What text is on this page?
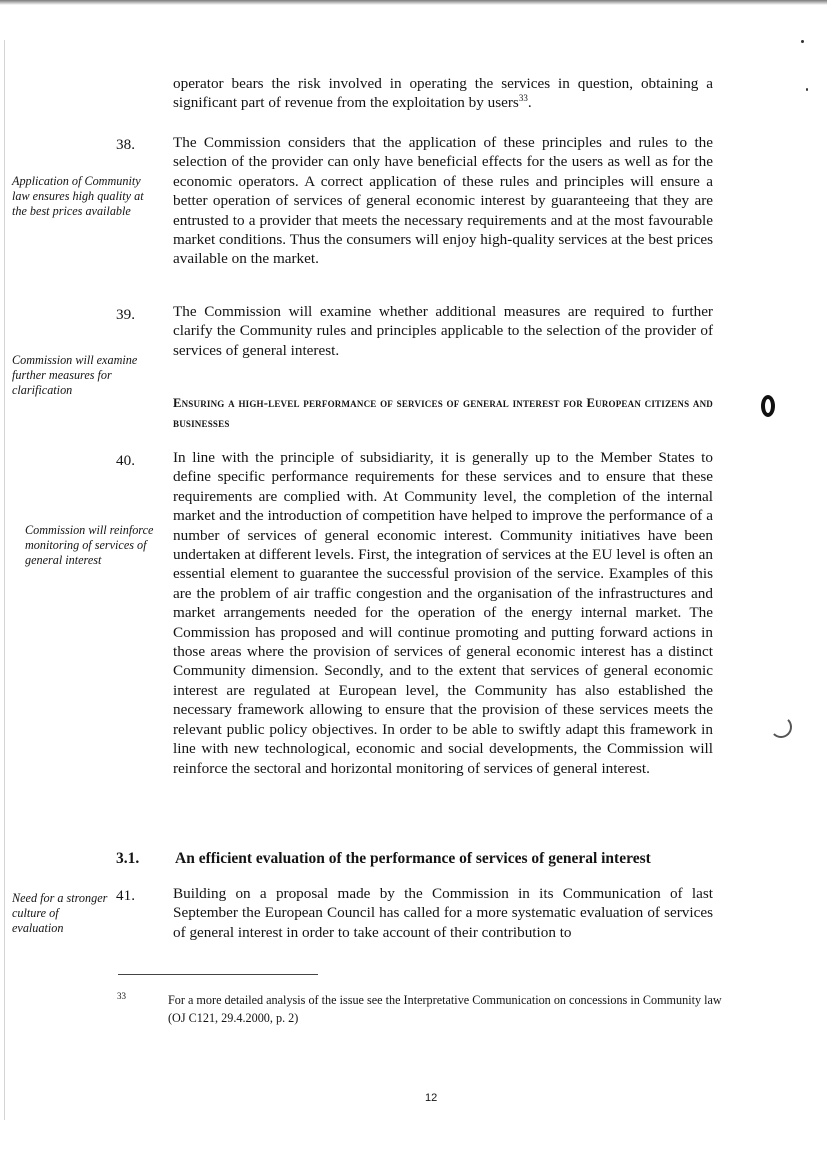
operator bears the risk involved in operating the services in question, obtaining a significant part of revenue from the exploitation by users$^{33}$.
38.
Application of Community law ensures high quality at the best prices available
The Commission considers that the application of these principles and rules to the selection of the provider can only have beneficial effects for the users as well as for the economic operators. A correct application of these rules and principles will ensure a better operation of services of general economic interest by guaranteeing that they are entrusted to a provider that meets the necessary requirements and at the most favourable market conditions. Thus the consumers will enjoy high-quality services at the best prices available on the market.
39.
Commission will examine further measures for clarification
The Commission will examine whether additional measures are required to further clarify the Community rules and principles applicable to the selection of the provider of services of general interest.
Ensuring a high-level performance of services of general interest for European citizens and businesses
40.
Commission will reinforce monitoring of services of general interest
In line with the principle of subsidiarity, it is generally up to the Member States to define specific performance requirements for these services and to ensure that these requirements are complied with. At Community level, the completion of the internal market and the introduction of competition have helped to improve the performance of a number of services of general economic interest. Community initiatives have been undertaken at different levels. First, the integration of services at the EU level is often an essential element to guarantee the successful provision of the service. Examples of this are the problem of air traffic congestion and the organisation of the infrastructures and market arrangements needed for the operation of the energy internal market. The Commission has proposed and will continue promoting and putting forward actions in those areas where the provision of services of general economic interest has a distinct Community dimension. Secondly, and to the extent that services of general economic interest are regulated at European level, the Community has also established the necessary framework allowing to ensure that the provision of these services meets the relevant public policy objectives. In order to be able to swiftly adapt this framework in line with new technological, economic and social developments, the Commission will reinforce the sectoral and horizontal monitoring of services of general interest.
3.1. An efficient evaluation of the performance of services of general interest
41.
Need for a stronger culture of evaluation
Building on a proposal made by the Commission in its Communication of last September the European Council has called for a more systematic evaluation of services of general interest in order to take account of their contribution to
33	For a more detailed analysis of the issue see the Interpretative Communication on concessions in Community law (OJ C121, 29.4.2000, p. 2)
12
